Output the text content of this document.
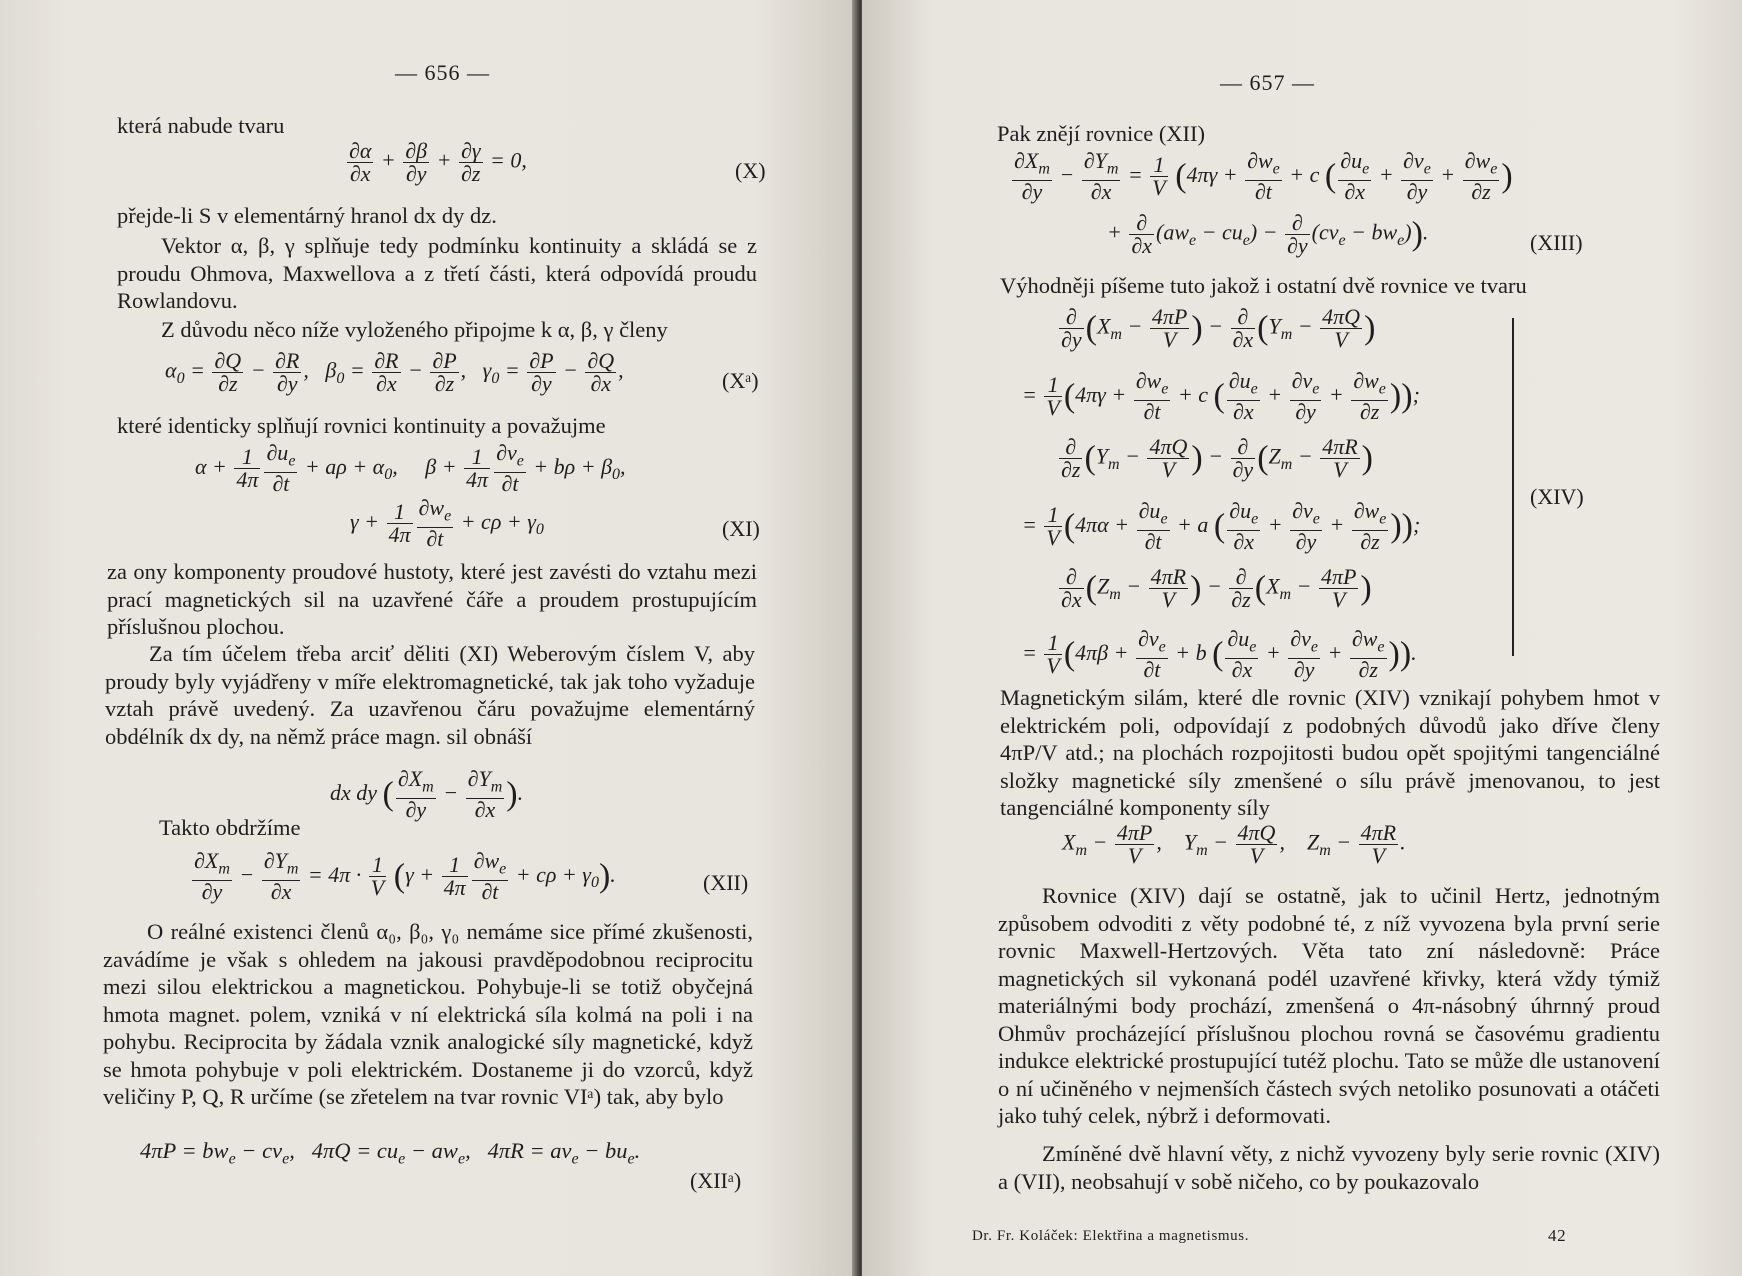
— 656 —
která nabude tvaru
$\frac{\partial\alpha}{\partial x} + \frac{\partial\beta}{\partial y} + \frac{\partial\gamma}{\partial z} = 0$,	(X)
přejde-li S v elementárný hranol dx dy dz.
Vektor α, β, γ splňuje tedy podmínku kontinuity a skládá se z proudu Ohmova, Maxwellova a z třetí části, která odpovídá proudu Rowlandovu.
Z důvodu něco níže vyloženého připojme k α, β, γ členy
$\alpha_0 = \frac{\partial Q}{\partial z} - \frac{\partial R}{\partial y}$ ,   $\beta_0 = \frac{\partial R}{\partial x} - \frac{\partial P}{\partial z}$ ,   $\gamma_0 = \frac{\partial P}{\partial y} - \frac{\partial Q}{\partial x}$ ,	(Xᵃ)
které identicky splňují rovnici kontinuity a považujme
$\alpha + \frac{1}{4\pi} \frac{\partial u_e}{\partial t} + a\rho + \alpha_0$,     $\beta + \frac{1}{4\pi} \frac{\partial v_e}{\partial t} + b\rho + \beta_0$,
$\gamma + \frac{1}{4\pi} \frac{\partial w_e}{\partial t} + c\rho + \gamma_0$	(XI)
za ony komponenty proudové hustoty, které jest zavésti do vztahu mezi prací magnetických sil na uzavřené čáře a proudem prostupujícím příslušnou plochou.
Za tím účelem třeba arciť děliti (XI) Weberovým číslem V, aby proudy byly vyjádřeny v míře elektromagnetické, tak jak toho vyžaduje vztah právě uvedený. Za uzavřenou čáru považujme elementárný obdélník dx dy, na němž práce magn. sil obnáší
dx dy ( $\frac{\partial X_m}{\partial y} - \frac{\partial Y_m}{\partial x}$ ).
Takto obdržíme
$\frac{\partial X_m}{\partial y} - \frac{\partial Y_m}{\partial x} = 4\pi \cdot \frac{1}{V} (\gamma + \frac{1}{4\pi} \frac{\partial w_e}{\partial t} + c\rho + \gamma_0)$.	(XII)
O reálné existenci členů α₀, β₀, γ₀ nemáme sice přímé zkušenosti, zavádíme je však s ohledem na jakousi pravděpodobnou reciprocitu mezi silou elektrickou a magnetickou. Pohybuje-li se totiž obyčejná hmota magnet. polem, vzniká v ní elektrická síla kolmá na poli i na pohybu. Reciprocita by žádala vznik analogické síly magnetické, když se hmota pohybuje v poli elektrickém. Dostaneme ji do vzorců, když veličiny P, Q, R určíme (se zřetelem na tvar rovnic VIᵃ) tak, aby bylo
$4\pi P = bw_e - cv_e$,   $4\pi Q = cu_e - aw_e$,   $4\pi R = av_e - bu_e$.
(XIIᵃ)
— 657 —
Pak znějí rovnice (XII)
$\frac{\partial X_m}{\partial y} - \frac{\partial Y_m}{\partial x} = \frac{1}{V} (4\pi\gamma + \frac{\partial w_e}{\partial t} + c$ ( $\frac{\partial u_e}{\partial x} + \frac{\partial v_e}{\partial y} + \frac{\partial w_e}{\partial z}$ )
+ $\frac{\partial}{\partial x} (aw_e - cu_e) - \frac{\partial}{\partial y} (cv_e - bw_e)$).	(XIII)
Výhodněji píšeme tuto jakož i ostatní dvě rovnice ve tvaru
$\frac{\partial}{\partial y} (X_m - \frac{4\pi P}{V}$ ) − $\frac{\partial}{\partial x} (Y_m - \frac{4\pi Q}{V}$ )
= $\frac{1}{V} (4\pi\gamma + \frac{\partial w_e}{\partial t} + c$ ( $\frac{\partial u_e}{\partial x} + \frac{\partial v_e}{\partial y} + \frac{\partial w_e}{\partial z}$ ));
$\frac{\partial}{\partial z} (Y_m - \frac{4\pi Q}{V}$ ) − $\frac{\partial}{\partial y} (Z_m - \frac{4\pi R}{V}$ )
= $\frac{1}{V} (4\pi\alpha + \frac{\partial u_e}{\partial t} + a$ ( $\frac{\partial u_e}{\partial x} + \frac{\partial v_e}{\partial y} + \frac{\partial w_e}{\partial z}$ ));
$\frac{\partial}{\partial x} (Z_m - \frac{4\pi R}{V}$ ) − $\frac{\partial}{\partial z} (X_m - \frac{4\pi P}{V}$ )
= $\frac{1}{V} (4\pi\beta + \frac{\partial v_e}{\partial t} + b$ ( $\frac{\partial u_e}{\partial x} + \frac{\partial v_e}{\partial y} + \frac{\partial w_e}{\partial z}$ )).
(XIV)
Magnetickým silám, které dle rovnic (XIV) vznikají pohybem hmot v elektrickém poli, odpovídají z podobných důvodů jako dříve členy 4πP/V atd.; na plochách rozpojitosti budou opět spojitými tangenciálné složky magnetické síly zmenšené o sílu právě jmenovanou, to jest tangenciálné komponenty síly
$X_m - \frac{4\pi P}{V}$ ,    $Y_m - \frac{4\pi Q}{V}$ ,    $Z_m - \frac{4\pi R}{V}$ .
Rovnice (XIV) dají se ostatně, jak to učinil Hertz, jednotným způsobem odvoditi z věty podobné té, z níž vyvozena byla první serie rovnic Maxwell-Hertzových. Věta tato zní následovně: Práce magnetických sil vykonaná podél uzavřené křivky, která vždy týmiž materiálnými body prochází, zmenšená o 4π-násobný úhrnný proud Ohmův procházející příslušnou plochou rovná se časovému gradientu indukce elektrické prostupující tutéž plochu. Tato se může dle ustanovení o ní učiněného v nejmenších částech svých netoliko posunovati a otáčeti jako tuhý celek, nýbrž i deformovati.
Zmíněné dvě hlavní věty, z nichž vyvozeny byly serie rovnic (XIV) a (VII), neobsahují v sobě ničeho, co by poukazovalo
Dr. Fr. Koláček: Elektřina a magnetismus.	42
